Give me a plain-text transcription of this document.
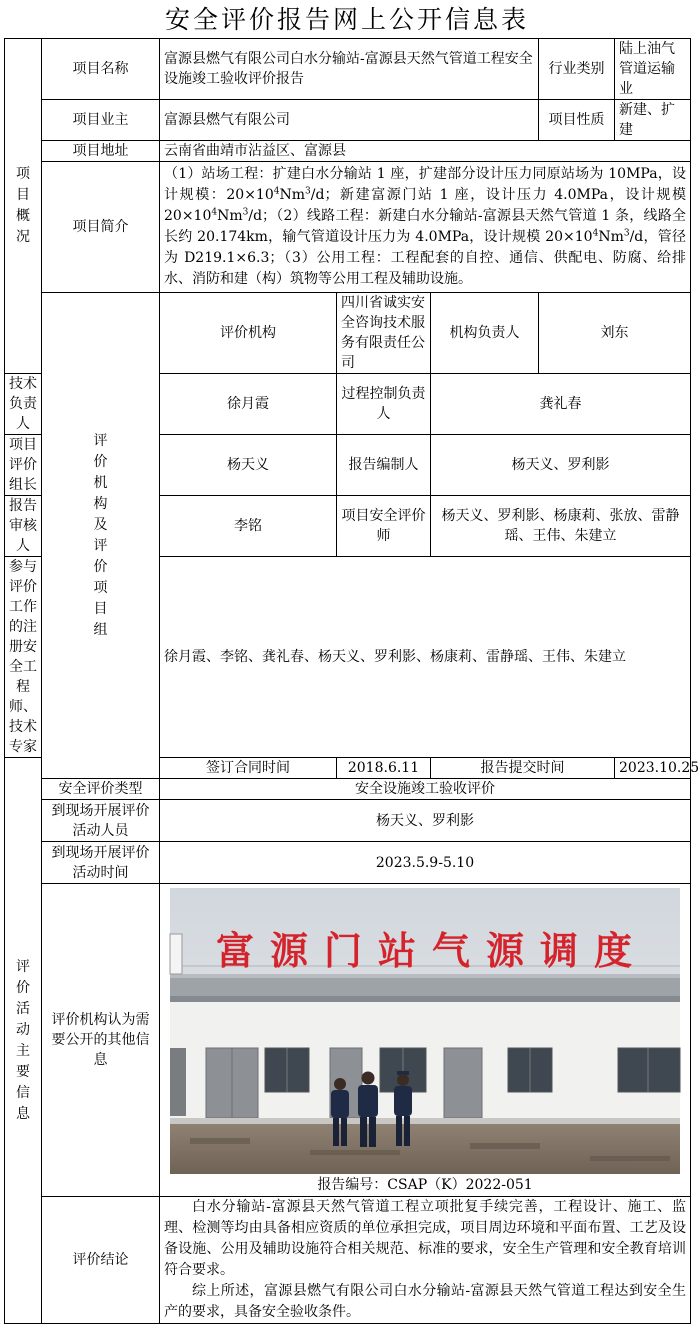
安全评价报告网上公开信息表
项目概况	项目名称	富源县燃气有限公司白水分输站-富源县天然气管道工程安全设施竣工验收评价报告			行业类别	陆上油气管道运输业
	项目业主	富源县燃气有限公司			项目性质	新建、扩建
	项目地址	云南省曲靖市沾益区、富源县				
	项目简介	（1）站场工程：扩建白水分输站 1 座，扩建部分设计压力同原站场为 10MPa，设计规模：$20\times 10^4Nm^3/d$；新建富源门站 1 座，设计压力 4.0MPa，设计规模 $20\times 10^4Nm^3/d$；（2）线路工程：新建白水分输站-富源县天然气管道 1 条，线路全长约 20.174km，输气管道设计压力为 4.0MPa，设计规模 $20\times 10^4Nm^3/d$，管径为 D219.1×6.3；（3）公用工程：工程配套的自控、通信、供配电、防腐、给排水、消防和建（构）筑物等公用工程及辅助设施。				

	评价机构及评价项目组	评价机构	四川省诚实安全咨询技术服务有限责任公司	机构负责人	刘东	
技术负责人		徐月霞	过程控制负责人	龚礼春		
项目评价组长		杨天义	报告编制人	杨天义、罗利影		
报告审核人		李铭	项目安全评价师	杨天义、罗利影、杨康莉、张放、雷静瑶、王伟、朱建立		
参与评价工作的注册安全工程师、技术专家		徐月霞、李铭、龚礼春、杨天义、罗利影、杨康莉、雷静瑶、王伟、朱建立				

评价活动主要信息		签订合同时间	2018.6.11	报告提交时间		2023.10.25
	安全评价类型	安全设施竣工验收评价				
	到现场开展评价活动人员	杨天义、罗利影				
	到现场开展评价活动时间	2023.5.9-5.10				
	评价机构认为需要公开的其他信息	富源门站气源调度
报告编号：CSAP（K）2022-051				

	评价结论	白水分输站-富源县天然气管道工程立项批复手续完善，工程设计、施工、监理、检测等均由具备相应资质的单位承担完成，项目周边环境和平面布置、工艺及设备设施、公用及辅助设施符合相关规范、标准的要求，安全生产管理和安全教育培训符合要求。
综上所述，富源县燃气有限公司白水分输站-富源县天然气管道工程达到安全生产的要求，具备安全验收条件。				
